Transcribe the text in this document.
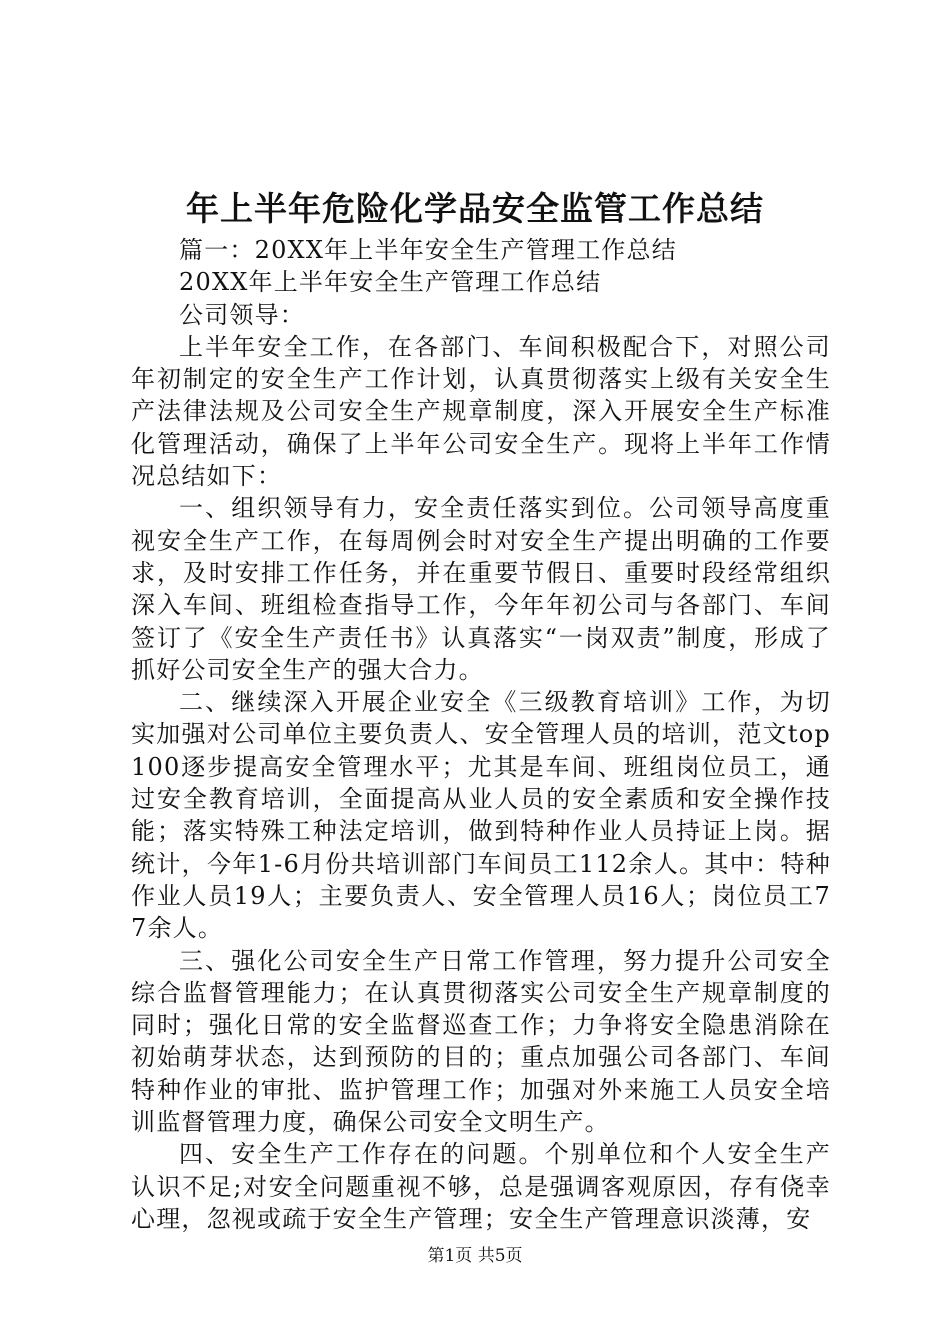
年上半年危险化学品安全监管工作总结

篇一：20XX年上半年安全生产管理工作总结

20XX年上半年安全生产管理工作总结

公司领导：

上半年安全工作，在各部门、车间积极配合下，对照公司年初制定的安全生产工作计划，认真贯彻落实上级有关安全生产法律法规及公司安全生产规章制度，深入开展安全生产标准化管理活动，确保了上半年公司安全生产。现将上半年工作情况总结如下：

一、组织领导有力，安全责任落实到位。公司领导高度重视安全生产工作，在每周例会时对安全生产提出明确的工作要求，及时安排工作任务，并在重要节假日、重要时段经常组织深入车间、班组检查指导工作，今年年初公司与各部门、车间签订了《安全生产责任书》认真落实“一岗双责”制度，形成了抓好公司安全生产的强大合力。

二、继续深入开展企业安全《三级教育培训》工作，为切实加强对公司单位主要负责人、安全管理人员的培训，范文top100逐步提高安全管理水平；尤其是车间、班组岗位员工，通过安全教育培训，全面提高从业人员的安全素质和安全操作技能；落实特殊工种法定培训，做到特种作业人员持证上岗。据统计，今年1-6月份共培训部门车间员工112余人。其中：特种作业人员19人；主要负责人、安全管理人员16人；岗位员工77余人。

三、强化公司安全生产日常工作管理，努力提升公司安全综合监督管理能力；在认真贯彻落实公司安全生产规章制度的同时；强化日常的安全监督巡查工作；力争将安全隐患消除在初始萌芽状态，达到预防的目的；重点加强公司各部门、车间特种作业的审批、监护管理工作；加强对外来施工人员安全培训监督管理力度，确保公司安全文明生产。

四、安全生产工作存在的问题。个别单位和个人安全生产认识不足;对安全问题重视不够，总是强调客观原因，存有侥幸心理，忽视或疏于安全生产管理；安全生产管理意识淡薄，安

第1页 共5页
